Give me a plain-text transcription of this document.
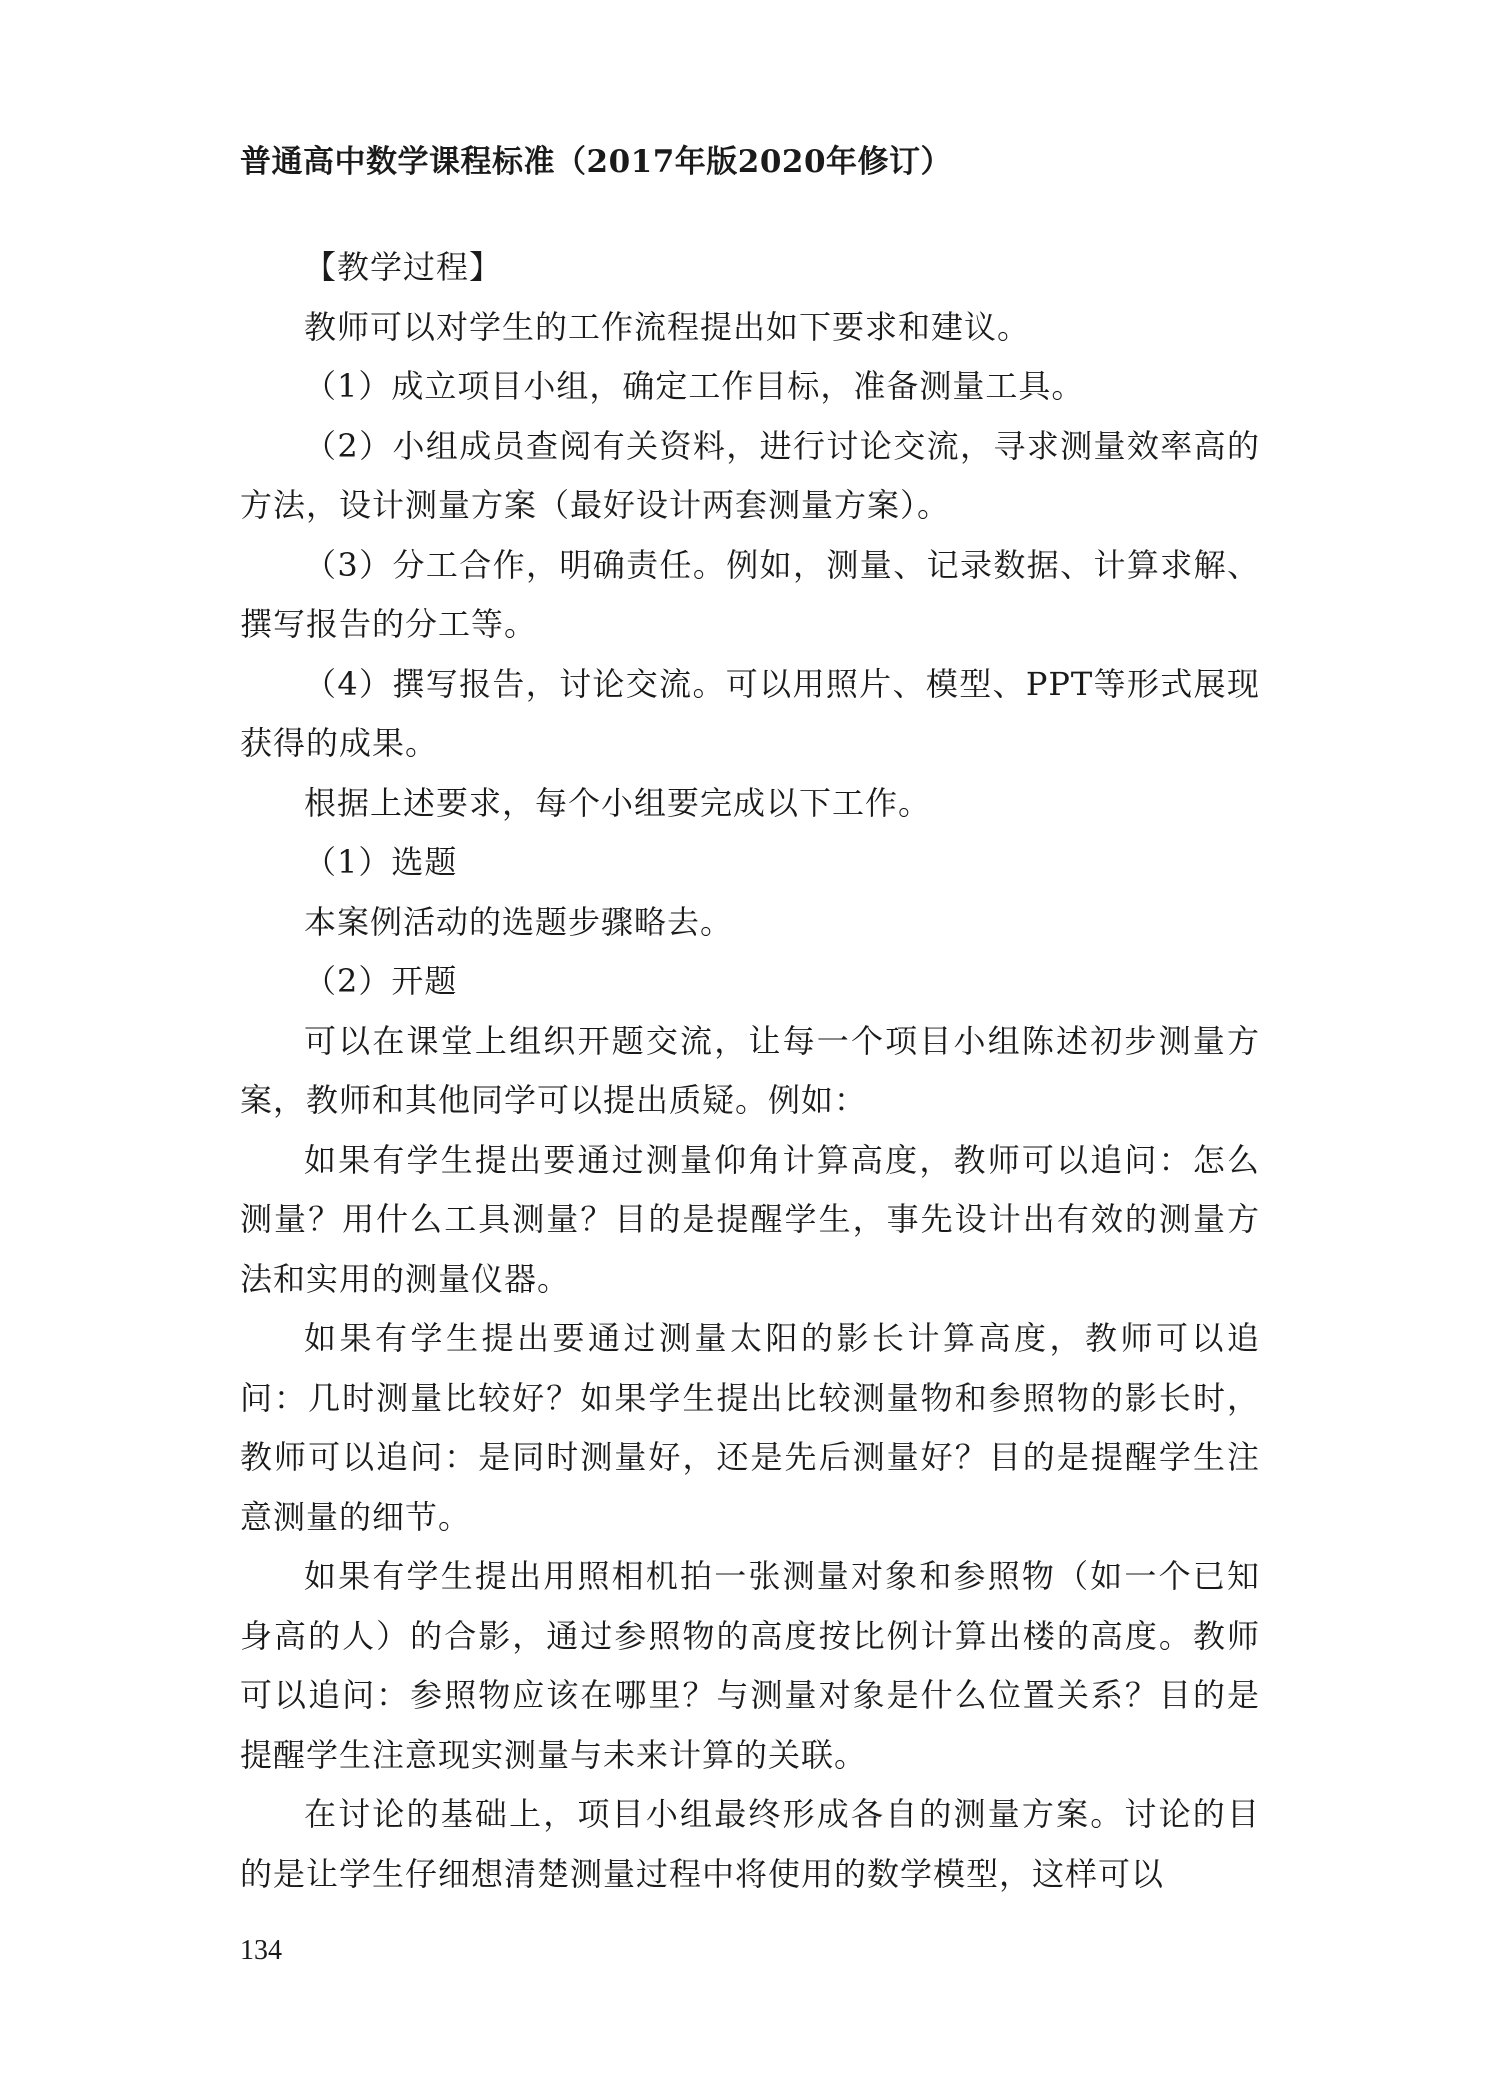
普通高中数学课程标准（2017年版2020年修订）

【教学过程】

教师可以对学生的工作流程提出如下要求和建议。

（1）成立项目小组，确定工作目标，准备测量工具。

（2）小组成员查阅有关资料，进行讨论交流，寻求测量效率高的方法，设计测量方案（最好设计两套测量方案）。

（3）分工合作，明确责任。例如，测量、记录数据、计算求解、撰写报告的分工等。

（4）撰写报告，讨论交流。可以用照片、模型、PPT等形式展现获得的成果。

根据上述要求，每个小组要完成以下工作。

（1）选题

本案例活动的选题步骤略去。

（2）开题

可以在课堂上组织开题交流，让每一个项目小组陈述初步测量方案，教师和其他同学可以提出质疑。例如：

如果有学生提出要通过测量仰角计算高度，教师可以追问：怎么测量？用什么工具测量？目的是提醒学生，事先设计出有效的测量方法和实用的测量仪器。

如果有学生提出要通过测量太阳的影长计算高度，教师可以追问：几时测量比较好？如果学生提出比较测量物和参照物的影长时，教师可以追问：是同时测量好，还是先后测量好？目的是提醒学生注意测量的细节。

如果有学生提出用照相机拍一张测量对象和参照物（如一个已知身高的人）的合影，通过参照物的高度按比例计算出楼的高度。教师可以追问：参照物应该在哪里？与测量对象是什么位置关系？目的是提醒学生注意现实测量与未来计算的关联。

在讨论的基础上，项目小组最终形成各自的测量方案。讨论的目的是让学生仔细想清楚测量过程中将使用的数学模型，这样可以

134
